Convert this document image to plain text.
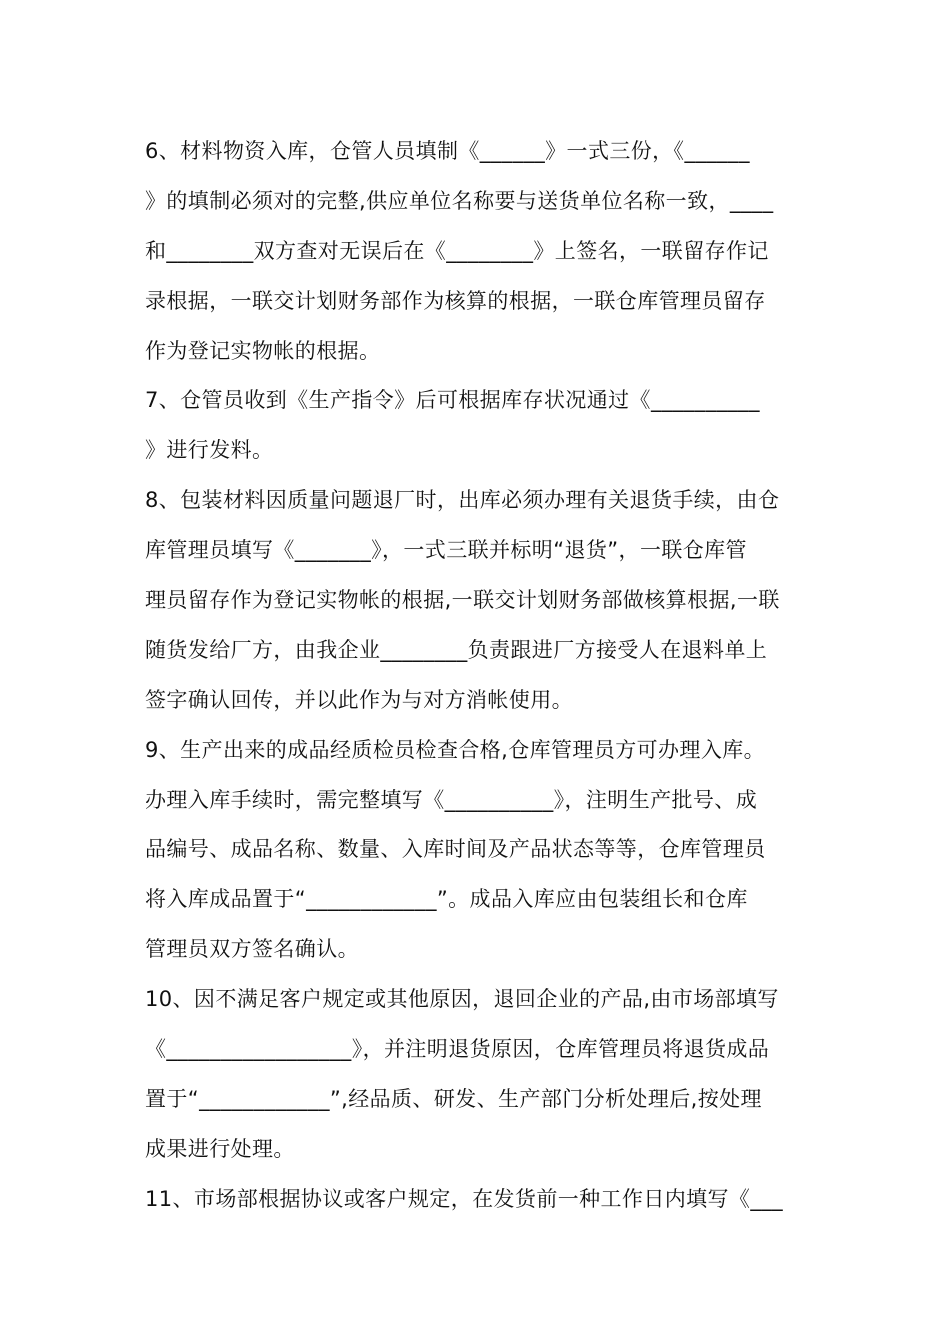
6、材料物资入库，仓管人员填制《______》一式三份，《______
》的填制必须对的完整,供应单位名称要与送货单位名称一致，____
和________双方查对无误后在《________》上签名，一联留存作记
录根据，一联交计划财务部作为核算的根据，一联仓库管理员留存
作为登记实物帐的根据。
7、仓管员收到《生产指令》后可根据库存状况通过《__________
》进行发料。
8、包装材料因质量问题退厂时，出库必须办理有关退货手续，由仓
库管理员填写《_______》，一式三联并标明“退货”，一联仓库管
理员留存作为登记实物帐的根据,一联交计划财务部做核算根据,一联
随货发给厂方，由我企业________负责跟进厂方接受人在退料单上
签字确认回传，并以此作为与对方消帐使用。
9、生产出来的成品经质检员检查合格,仓库管理员方可办理入库。
办理入库手续时，需完整填写《__________》，注明生产批号、成
品编号、成品名称、数量、入库时间及产品状态等等，仓库管理员
将入库成品置于“____________”。成品入库应由包装组长和仓库
管理员双方签名确认。
10、因不满足客户规定或其他原因，退回企业的产品,由市场部填写
《_________________》，并注明退货原因，仓库管理员将退货成品
置于“____________”,经品质、研发、生产部门分析处理后,按处理
成果进行处理。
11、市场部根据协议或客户规定，在发货前一种工作日内填写《___
